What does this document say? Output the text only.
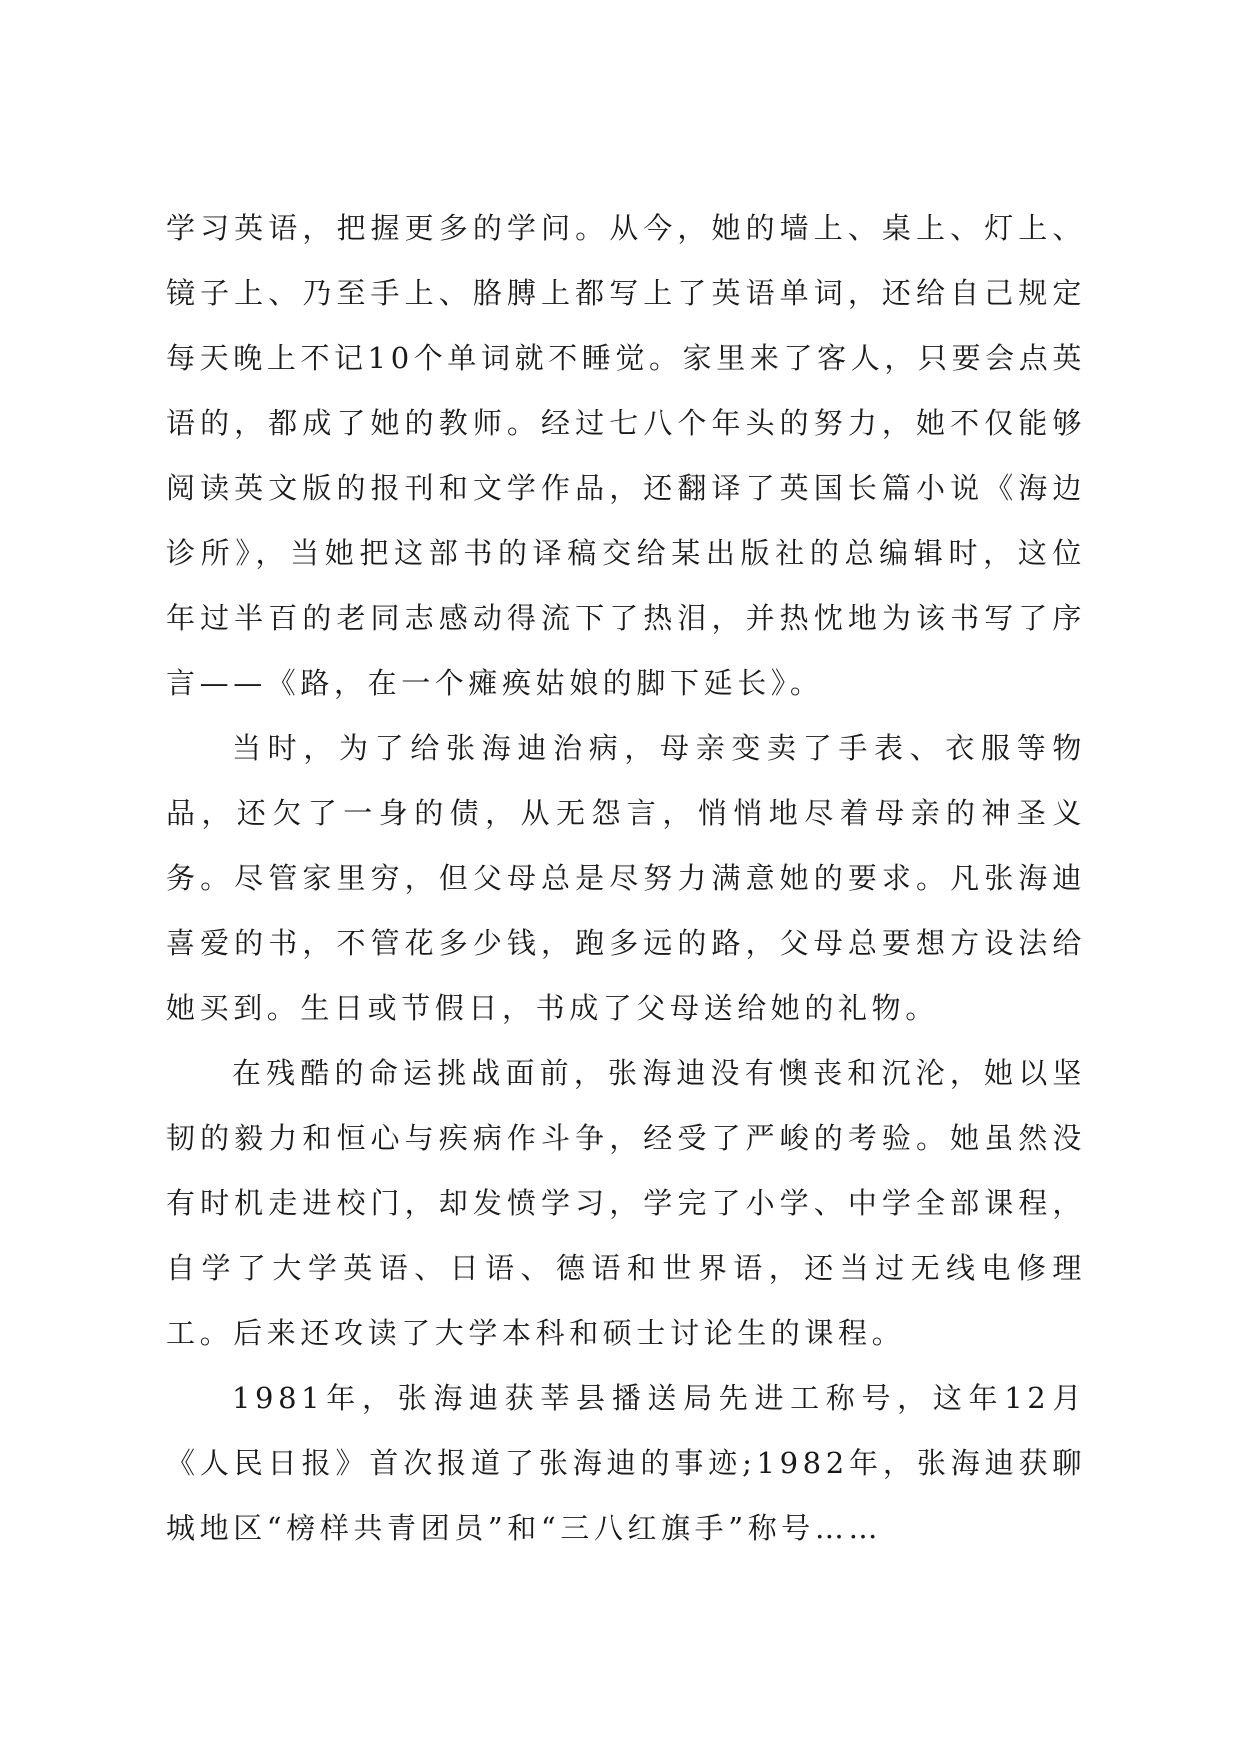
学习英语，把握更多的学问。从今，她的墙上、桌上、灯上、镜子上、乃至手上、胳膊上都写上了英语单词，还给自己规定每天晚上不记10个单词就不睡觉。家里来了客人，只要会点英语的，都成了她的教师。经过七八个年头的努力，她不仅能够阅读英文版的报刊和文学作品，还翻译了英国长篇小说《海边诊所》，当她把这部书的译稿交给某出版社的总编辑时，这位年过半百的老同志感动得流下了热泪，并热忱地为该书写了序言——《路，在一个瘫痪姑娘的脚下延长》。

当时，为了给张海迪治病，母亲变卖了手表、衣服等物品，还欠了一身的债，从无怨言，悄悄地尽着母亲的神圣义务。尽管家里穷，但父母总是尽努力满意她的要求。凡张海迪喜爱的书，不管花多少钱，跑多远的路，父母总要想方设法给她买到。生日或节假日，书成了父母送给她的礼物。

在残酷的命运挑战面前，张海迪没有懊丧和沉沦，她以坚韧的毅力和恒心与疾病作斗争，经受了严峻的考验。她虽然没有时机走进校门，却发愤学习，学完了小学、中学全部课程，自学了大学英语、日语、德语和世界语，还当过无线电修理工。后来还攻读了大学本科和硕士讨论生的课程。

1981年，张海迪获莘县播送局先进工称号，这年12月《人民日报》首次报道了张海迪的事迹;1982年，张海迪获聊城地区“榜样共青团员”和“三八红旗手”称号……
